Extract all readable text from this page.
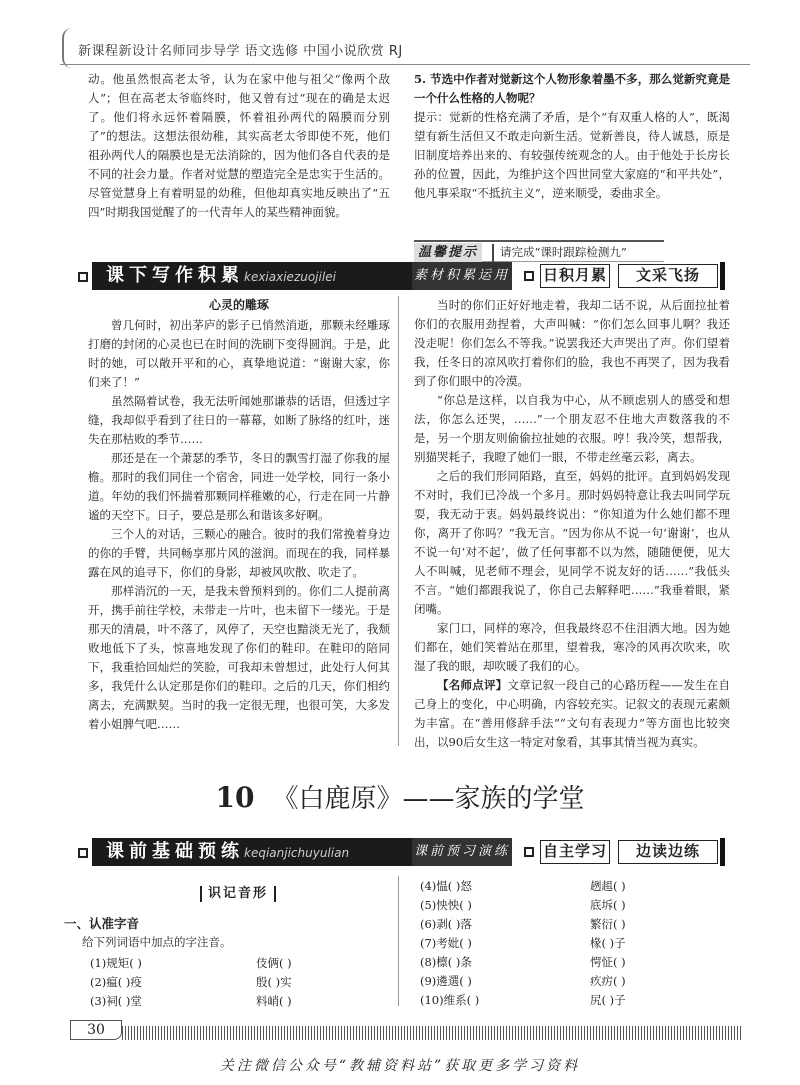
新课程新设计名师同步导学 语文选修 中国小说欣赏 RJ
动。他虽然恨高老太爷，认为在家中他与祖父“像两个敌人”；但在高老太爷临终时，他又曾有过“现在的确是太迟了。他们将永远怀着隔膜，怀着祖孙两代的隔膜而分别了”的想法。这想法很幼稚，其实高老太爷即使不死，他们祖孙两代人的隔膜也是无法消除的，因为他们各自代表的是不同的社会力量。作者对觉慧的塑造完全是忠实于生活的。尽管觉慧身上有着明显的幼稚，但他却真实地反映出了“五四”时期我国觉醒了的一代青年人的某些精神面貌。

5. 节选中作者对觉新这个人物形象着墨不多，那么觉新究竟是一个什么性格的人物呢？

提示：觉新的性格充满了矛盾，是个“有双重人格的人”，既渴望有新生活但又不敢走向新生活。觉新善良，待人诚恳，原是旧制度培养出来的、有较强传统观念的人。由于他处于长房长孙的位置，因此，为维护这个四世同堂大家庭的“和平共处”，他凡事采取“不抵抗主义”，逆来顺受，委曲求全。

温馨提示	请完成“课时跟踪检测九”
课下写作积累 kexiaxiezuojilei	素材积累运用 日积月累	文采飞扬
心灵的雕琢

曾几何时，初出茅庐的影子已悄然消逝，那颗未经雕琢打磨的封闭的心灵也已在时间的洗刷下变得圆润。于是，此时的她，可以敞开平和的心，真挚地说道：“谢谢大家，你们来了！”

虽然隔着试卷，我无法听闻她那谦恭的话语，但透过字缝，我却似乎看到了往日的一幕幕，如断了脉络的红叶，迷失在那枯败的季节……

那还是在一个萧瑟的季节，冬日的飘雪打湿了你我的屋檐。那时的我们同住一个宿舍，同进一处学校，同行一条小道。年幼的我们怀揣着那颗同样稚嫩的心，行走在同一片静谧的天空下。日子，要总是那么和谐该多好啊。

三个人的对话，三颗心的融合。彼时的我们常挽着身边的你的手臂，共同畅享那片风的滋润。而现在的我，同样暴露在风的追寻下，你们的身影，却被风吹散、吹走了。

那样消沉的一天，是我未曾预料到的。你们二人提前离开，携手前往学校，未带走一片叶，也未留下一缕光。于是那天的清晨，叶不落了，风停了，天空也黯淡无光了，我颓败地低下了头，惊喜地发现了你们的鞋印。在鞋印的陪同下，我重拾回灿烂的笑脸，可我却未曾想过，此处行人何其多，我凭什么认定那是你们的鞋印。之后的几天，你们相约离去，充满默契。当时的我一定很无理，也很可笑，大多发着小姐脾气吧……

当时的你们正好好地走着，我却二话不说，从后面拉扯着你们的衣服用劲捏着，大声叫喊：“你们怎么回事儿啊？我还没走呢！你们怎么不等我。”说罢我还大声哭出了声。你们望着我，任冬日的凉风吹打着你们的脸，我也不再哭了，因为我看到了你们眼中的冷漠。

“你总是这样，以自我为中心，从不顾虑别人的感受和想法，你怎么还哭，……”一个朋友忍不住地大声数落我的不是，另一个朋友则偷偷拉扯她的衣服。哼！我冷笑，想帮我，别猫哭耗子，我瞪了她们一眼，不带走丝毫云彩，离去。

之后的我们形同陌路，直至，妈妈的批评。直到妈妈发现不对时，我们已冷战一个多月。那时妈妈特意让我去叫同学玩耍，我无动于衷。妈妈最终说出：“你知道为什么她们都不理你，离开了你吗？”我无言。“因为你从不说一句‘谢谢’，也从不说一句‘对不起’，做了任何事都不以为然，随随便便，见大人不叫喊，见老师不理会，见同学不说友好的话……”我低头不言。“她们都跟我说了，你自己去解释吧……”我垂着眼，紧闭嘴。

家门口，同样的寒冷，但我最终忍不住泪洒大地。因为她们都在，她们笑着站在那里，望着我，寒冷的风再次吹来，吹湿了我的眼，却吹暖了我们的心。

【名师点评】文章记叙一段自己的心路历程——发生在自己身上的变化，中心明确，内容较充实。记叙文的表现元素颇为丰富。在“善用修辞手法”“文句有表现力”等方面也比较突出，以90后女生这一特定对象看，其事其情当视为真实。

10 《白鹿原》——家族的学堂
课前基础预练 keqianjichuyulian	课前预习演练 自主学习	边读边练
识记音形
一、认准字音
给下列词语中加点的字注音。
(1)规矩( )	伎俩( )
(2)瘟( )疫	殷( )实
(3)祠( )堂	料峭( )
(4)愠( )怒	趔趄( )
(5)怏怏( )	底坼( )
(6)剥( )落	繁衍( )
(7)考妣( )	椽( )子
(8)檩( )条	愕怔( )
(9)遴選( )	疚疠( )
(10)维系( )	尻( )子
30
关注微信公众号“教辅资料站”获取更多学习资料
